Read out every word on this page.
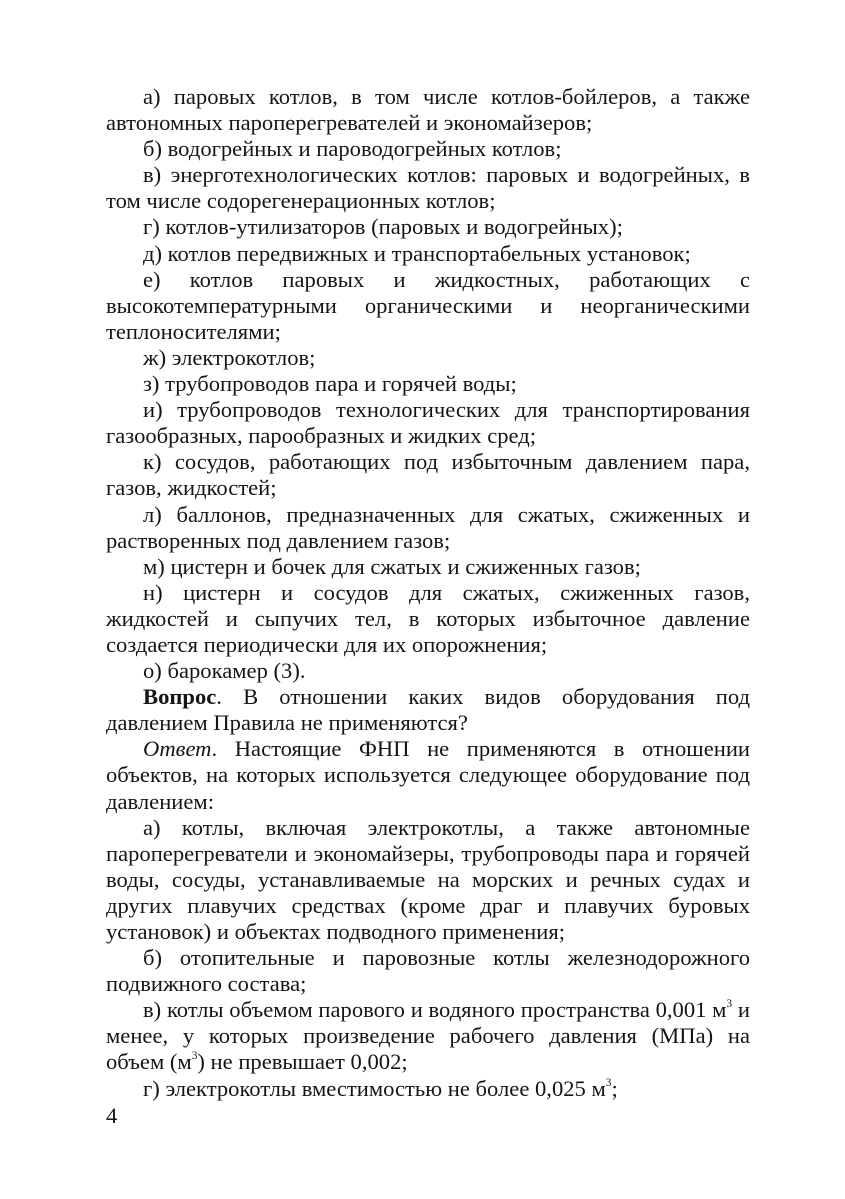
а) паровых котлов, в том числе котлов-бойлеров, а также автономных пароперегревателей и экономайзеров;

б) водогрейных и пароводогрейных котлов;

в) энерготехнологических котлов: паровых и водогрейных, в том числе содорегенерационных котлов;

г) котлов-утилизаторов (паровых и водогрейных);

д) котлов передвижных и транспортабельных установок;

е) котлов паровых и жидкостных, работающих с высокотемпературными органическими и неорганическими теплоносителями;

ж) электрокотлов;

з) трубопроводов пара и горячей воды;

и) трубопроводов технологических для транспортирования газообразных, парообразных и жидких сред;

к) сосудов, работающих под избыточным давлением пара, газов, жидкостей;

л) баллонов, предназначенных для сжатых, сжиженных и растворенных под давлением газов;

м) цистерн и бочек для сжатых и сжиженных газов;

н) цистерн и сосудов для сжатых, сжиженных газов, жидкостей и сыпучих тел, в которых избыточное давление создается периодически для их опорожнения;

о) барокамер (3).

Вопрос. В отношении каких видов оборудования под давлением Правила не применяются?

Ответ. Настоящие ФНП не применяются в отношении объектов, на которых используется следующее оборудование под давлением:

а) котлы, включая электрокотлы, а также автономные пароперегреватели и экономайзеры, трубопроводы пара и горячей воды, сосуды, устанавливаемые на морских и речных судах и других плавучих средствах (кроме драг и плавучих буровых установок) и объектах подводного применения;

б) отопительные и паровозные котлы железнодорожного подвижного состава;

в) котлы объемом парового и водяного пространства 0,001 $м^3$ и менее, у которых произведение рабочего давления (МПа) на объем $(м^3)$ не превышает 0,002;

г) электрокотлы вместимостью не более 0,025 $м^3$;

4
